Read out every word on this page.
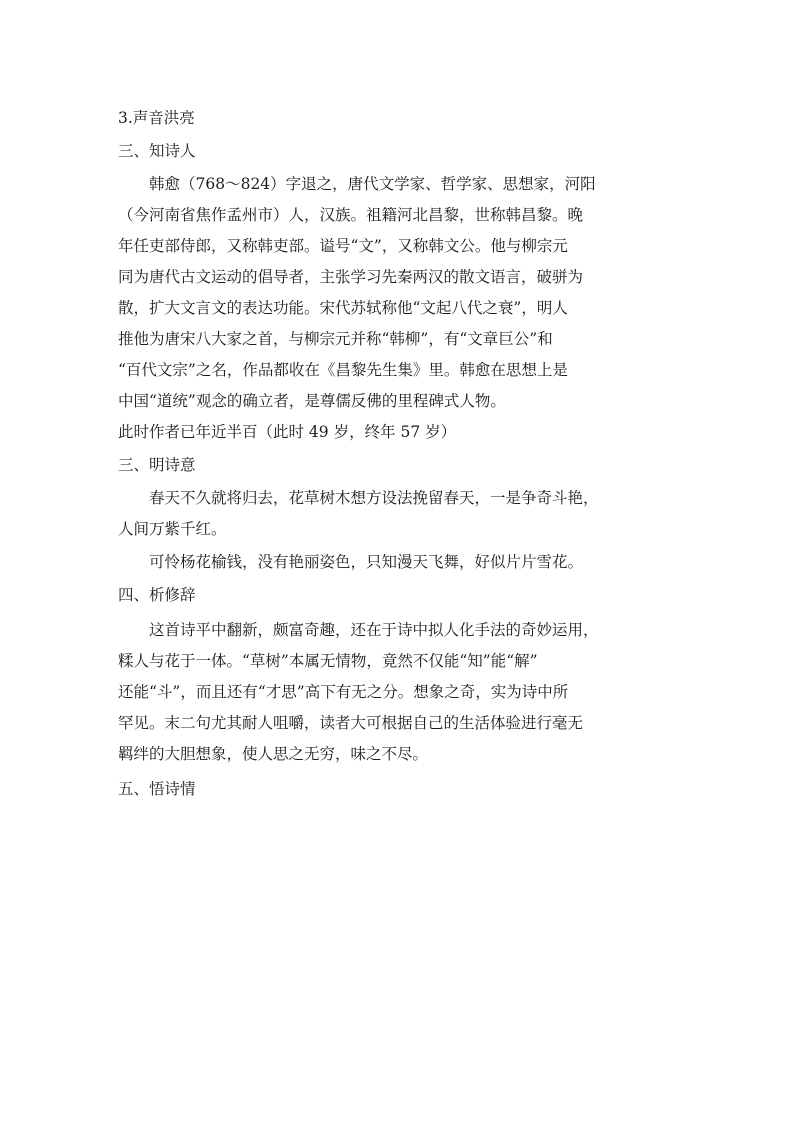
3.声音洪亮

三、知诗人

韩愈（768～824）字退之，唐代文学家、哲学家、思想家，河阳

（今河南省焦作孟州市）人，汉族。祖籍河北昌黎，世称韩昌黎。晚

年任吏部侍郎，又称韩吏部。谥号“文”，又称韩文公。他与柳宗元

同为唐代古文运动的倡导者，主张学习先秦两汉的散文语言，破骈为

散，扩大文言文的表达功能。宋代苏轼称他“文起八代之衰”，明人

推他为唐宋八大家之首，与柳宗元并称“韩柳”，有“文章巨公”和

“百代文宗”之名，作品都收在《昌黎先生集》里。韩愈在思想上是

中国“道统”观念的确立者，是尊儒反佛的里程碑式人物。

此时作者已年近半百（此时 49 岁，终年 57 岁）

三、明诗意

春天不久就将归去，花草树木想方设法挽留春天，一是争奇斗艳，

人间万紫千红。

可怜杨花榆钱，没有艳丽姿色，只知漫天飞舞，好似片片雪花。

四、析修辞

这首诗平中翻新，颇富奇趣，还在于诗中拟人化手法的奇妙运用，

糅人与花于一体。“草树”本属无情物，竟然不仅能“知”能“解”

还能“斗”，而且还有“才思”高下有无之分。想象之奇，实为诗中所

罕见。末二句尤其耐人咀嚼，读者大可根据自己的生活体验进行毫无

羁绊的大胆想象，使人思之无穷，味之不尽。

五、悟诗情
